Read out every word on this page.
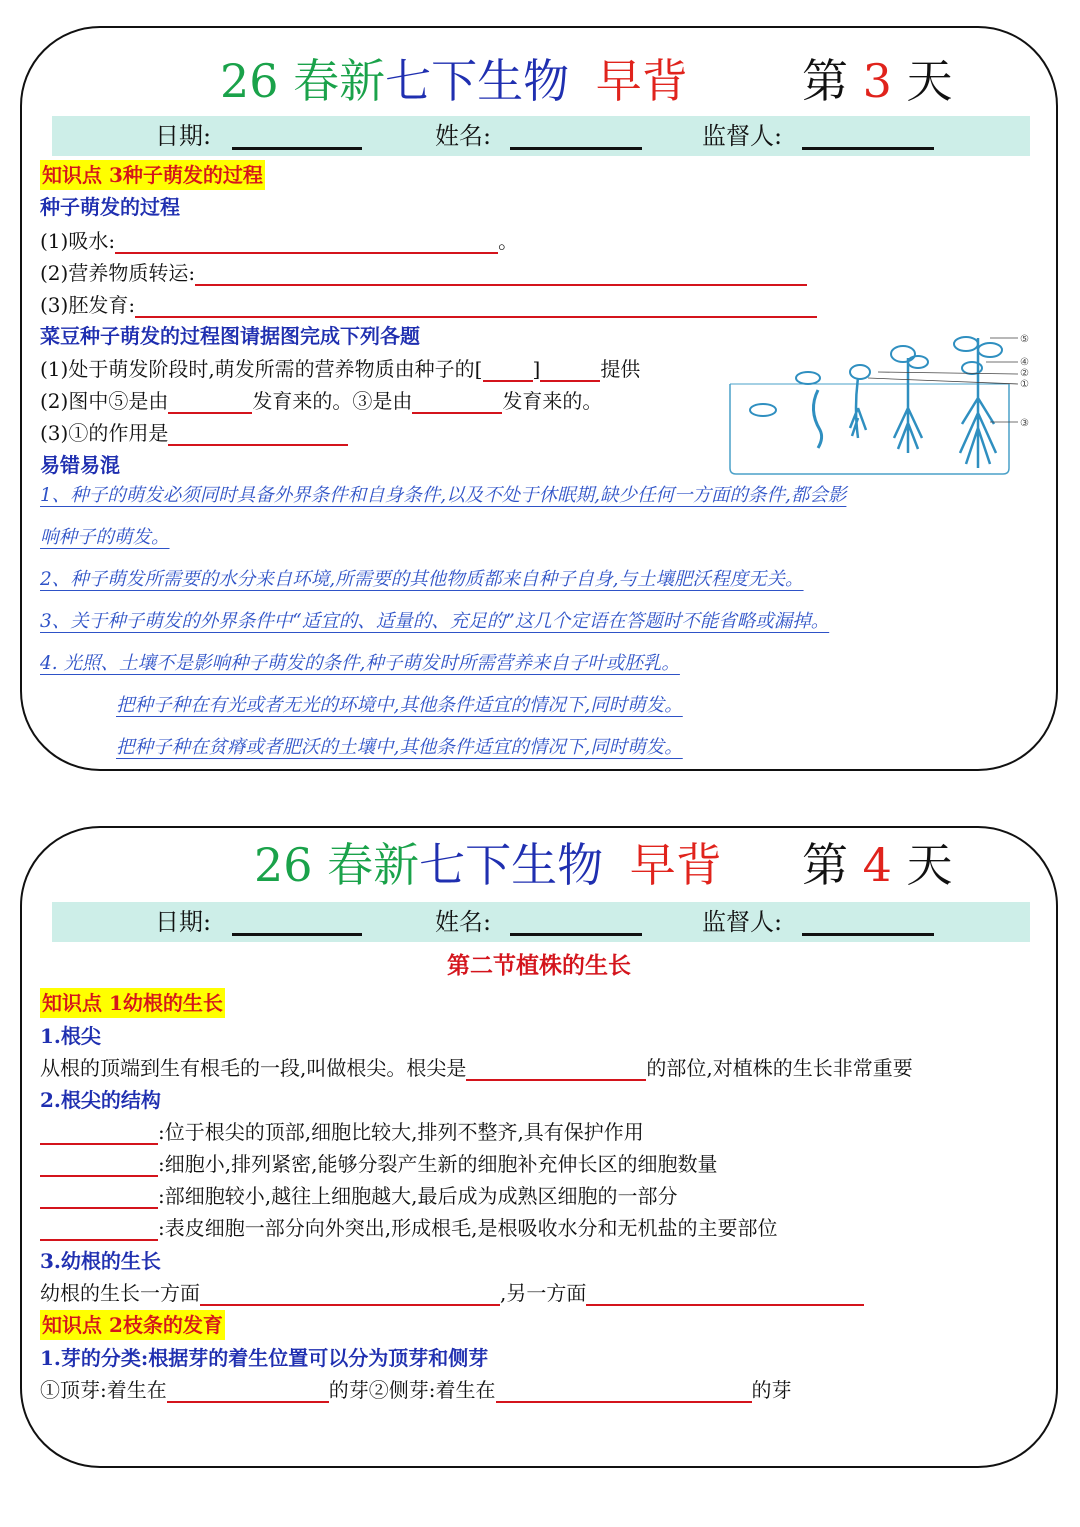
26 春新七下生物 早背 第 3 天
日期:	姓名:	监督人:
知识点 3种子萌发的过程
种子萌发的过程
(1)吸水:	。
(2)营养物质转运:
(3)胚发育:
菜豆种子萌发的过程图请据图完成下列各题
(1)处于萌发阶段时,萌发所需的营养物质由种子的[	]	提供
(2)图中⑤是由	发育来的。③是由	发育来的。
(3)①的作用是
⑤
④
②
①
③
易错易混
1、种子的萌发必须同时具备外界条件和自身条件,以及不处于休眠期,缺少任何一方面的条件,都会影
响种子的萌发。
2、种子萌发所需要的水分来自环境,所需要的其他物质都来自种子自身,与土壤肥沃程度无关。
3、关于种子萌发的外界条件中“适宜的、适量的、充足的”这几个定语在答题时不能省略或漏掉。
4. 光照、土壤不是影响种子萌发的条件,种子萌发时所需营养来自子叶或胚乳。
把种子种在有光或者无光的环境中,其他条件适宜的情况下,同时萌发。
把种子种在贫瘠或者肥沃的土壤中,其他条件适宜的情况下,同时萌发。
26 春新七下生物 早背 第 4 天
日期:	姓名:	监督人:
第二节植株的生长
知识点 1幼根的生长
1.根尖
从根的顶端到生有根毛的一段,叫做根尖。根尖是	的部位,对植株的生长非常重要
2.根尖的结构
:位于根尖的顶部,细胞比较大,排列不整齐,具有保护作用
:细胞小,排列紧密,能够分裂产生新的细胞补充伸长区的细胞数量
:部细胞较小,越往上细胞越大,最后成为成熟区细胞的一部分
:表皮细胞一部分向外突出,形成根毛,是根吸收水分和无机盐的主要部位
3.幼根的生长
幼根的生长一方面	,另一方面
知识点 2枝条的发育
1.芽的分类:根据芽的着生位置可以分为顶芽和侧芽
①顶芽:着生在	的芽②侧芽:着生在	的芽
